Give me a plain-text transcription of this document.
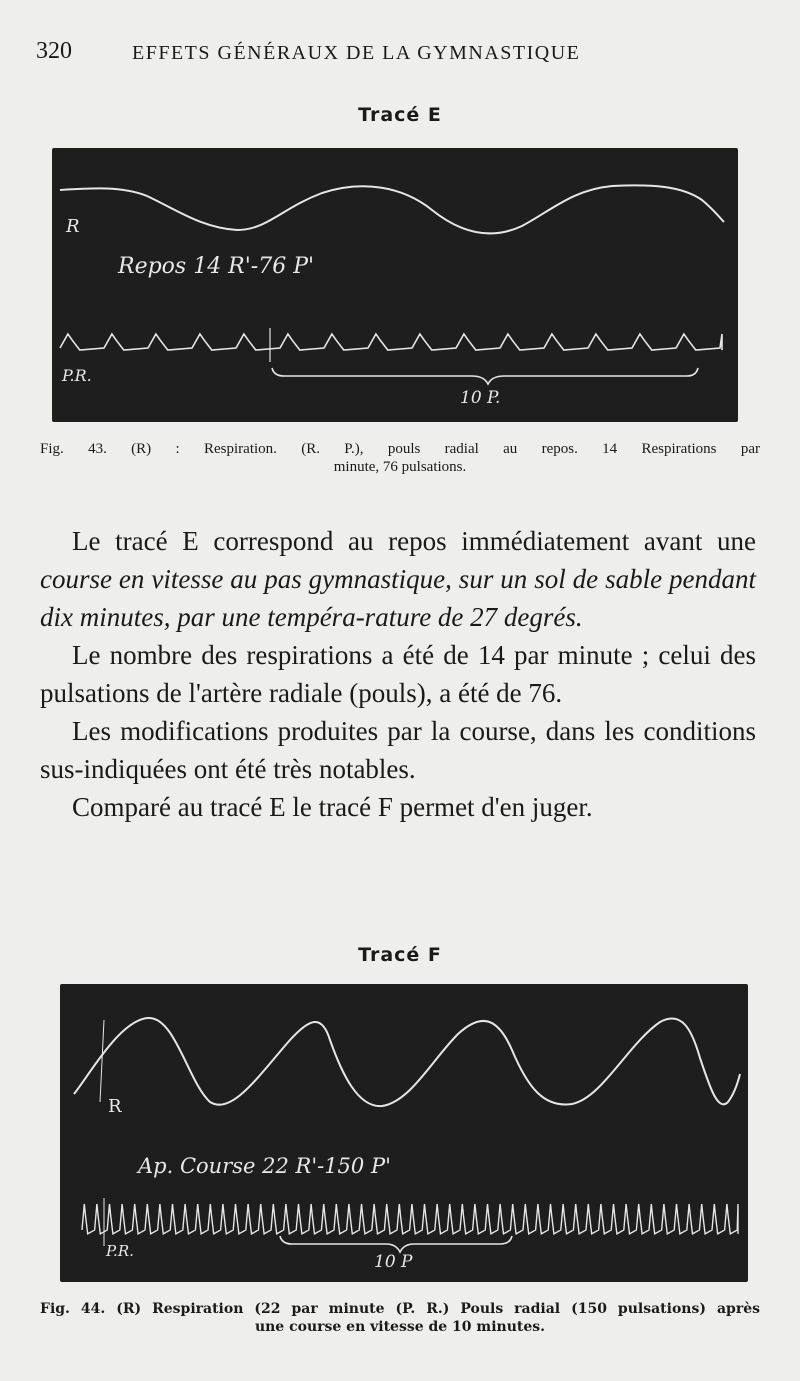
320	EFFETS GÉNÉRAUX DE LA GYMNASTIQUE
Tracé E
R
Repos 14 R'-76 P'
P.R.
10 P.
Fig. 43. (R) : Respiration. (R. P.), pouls radial au repos. 14 Respirations par
minute, 76 pulsations.

Le tracé E correspond au repos immédiatement avant une course en vitesse au pas gymnastique, sur un sol de sable pendant dix minutes, par une tempéra-rature de 27 degrés.

Le nombre des respirations a été de 14 par minute ; celui des pulsations de l'artère radiale (pouls), a été de 76.

Les modifications produites par la course, dans les conditions sus-indiquées ont été très notables.

Comparé au tracé E le tracé F permet d'en juger.

Tracé F
R
Ap. Course 22 R'-150 P'
P.R.
10 P
Fig. 44. (R) Respiration (22 par minute (P. R.) Pouls radial (150 pulsations) après
une course en vitesse de 10 minutes.
